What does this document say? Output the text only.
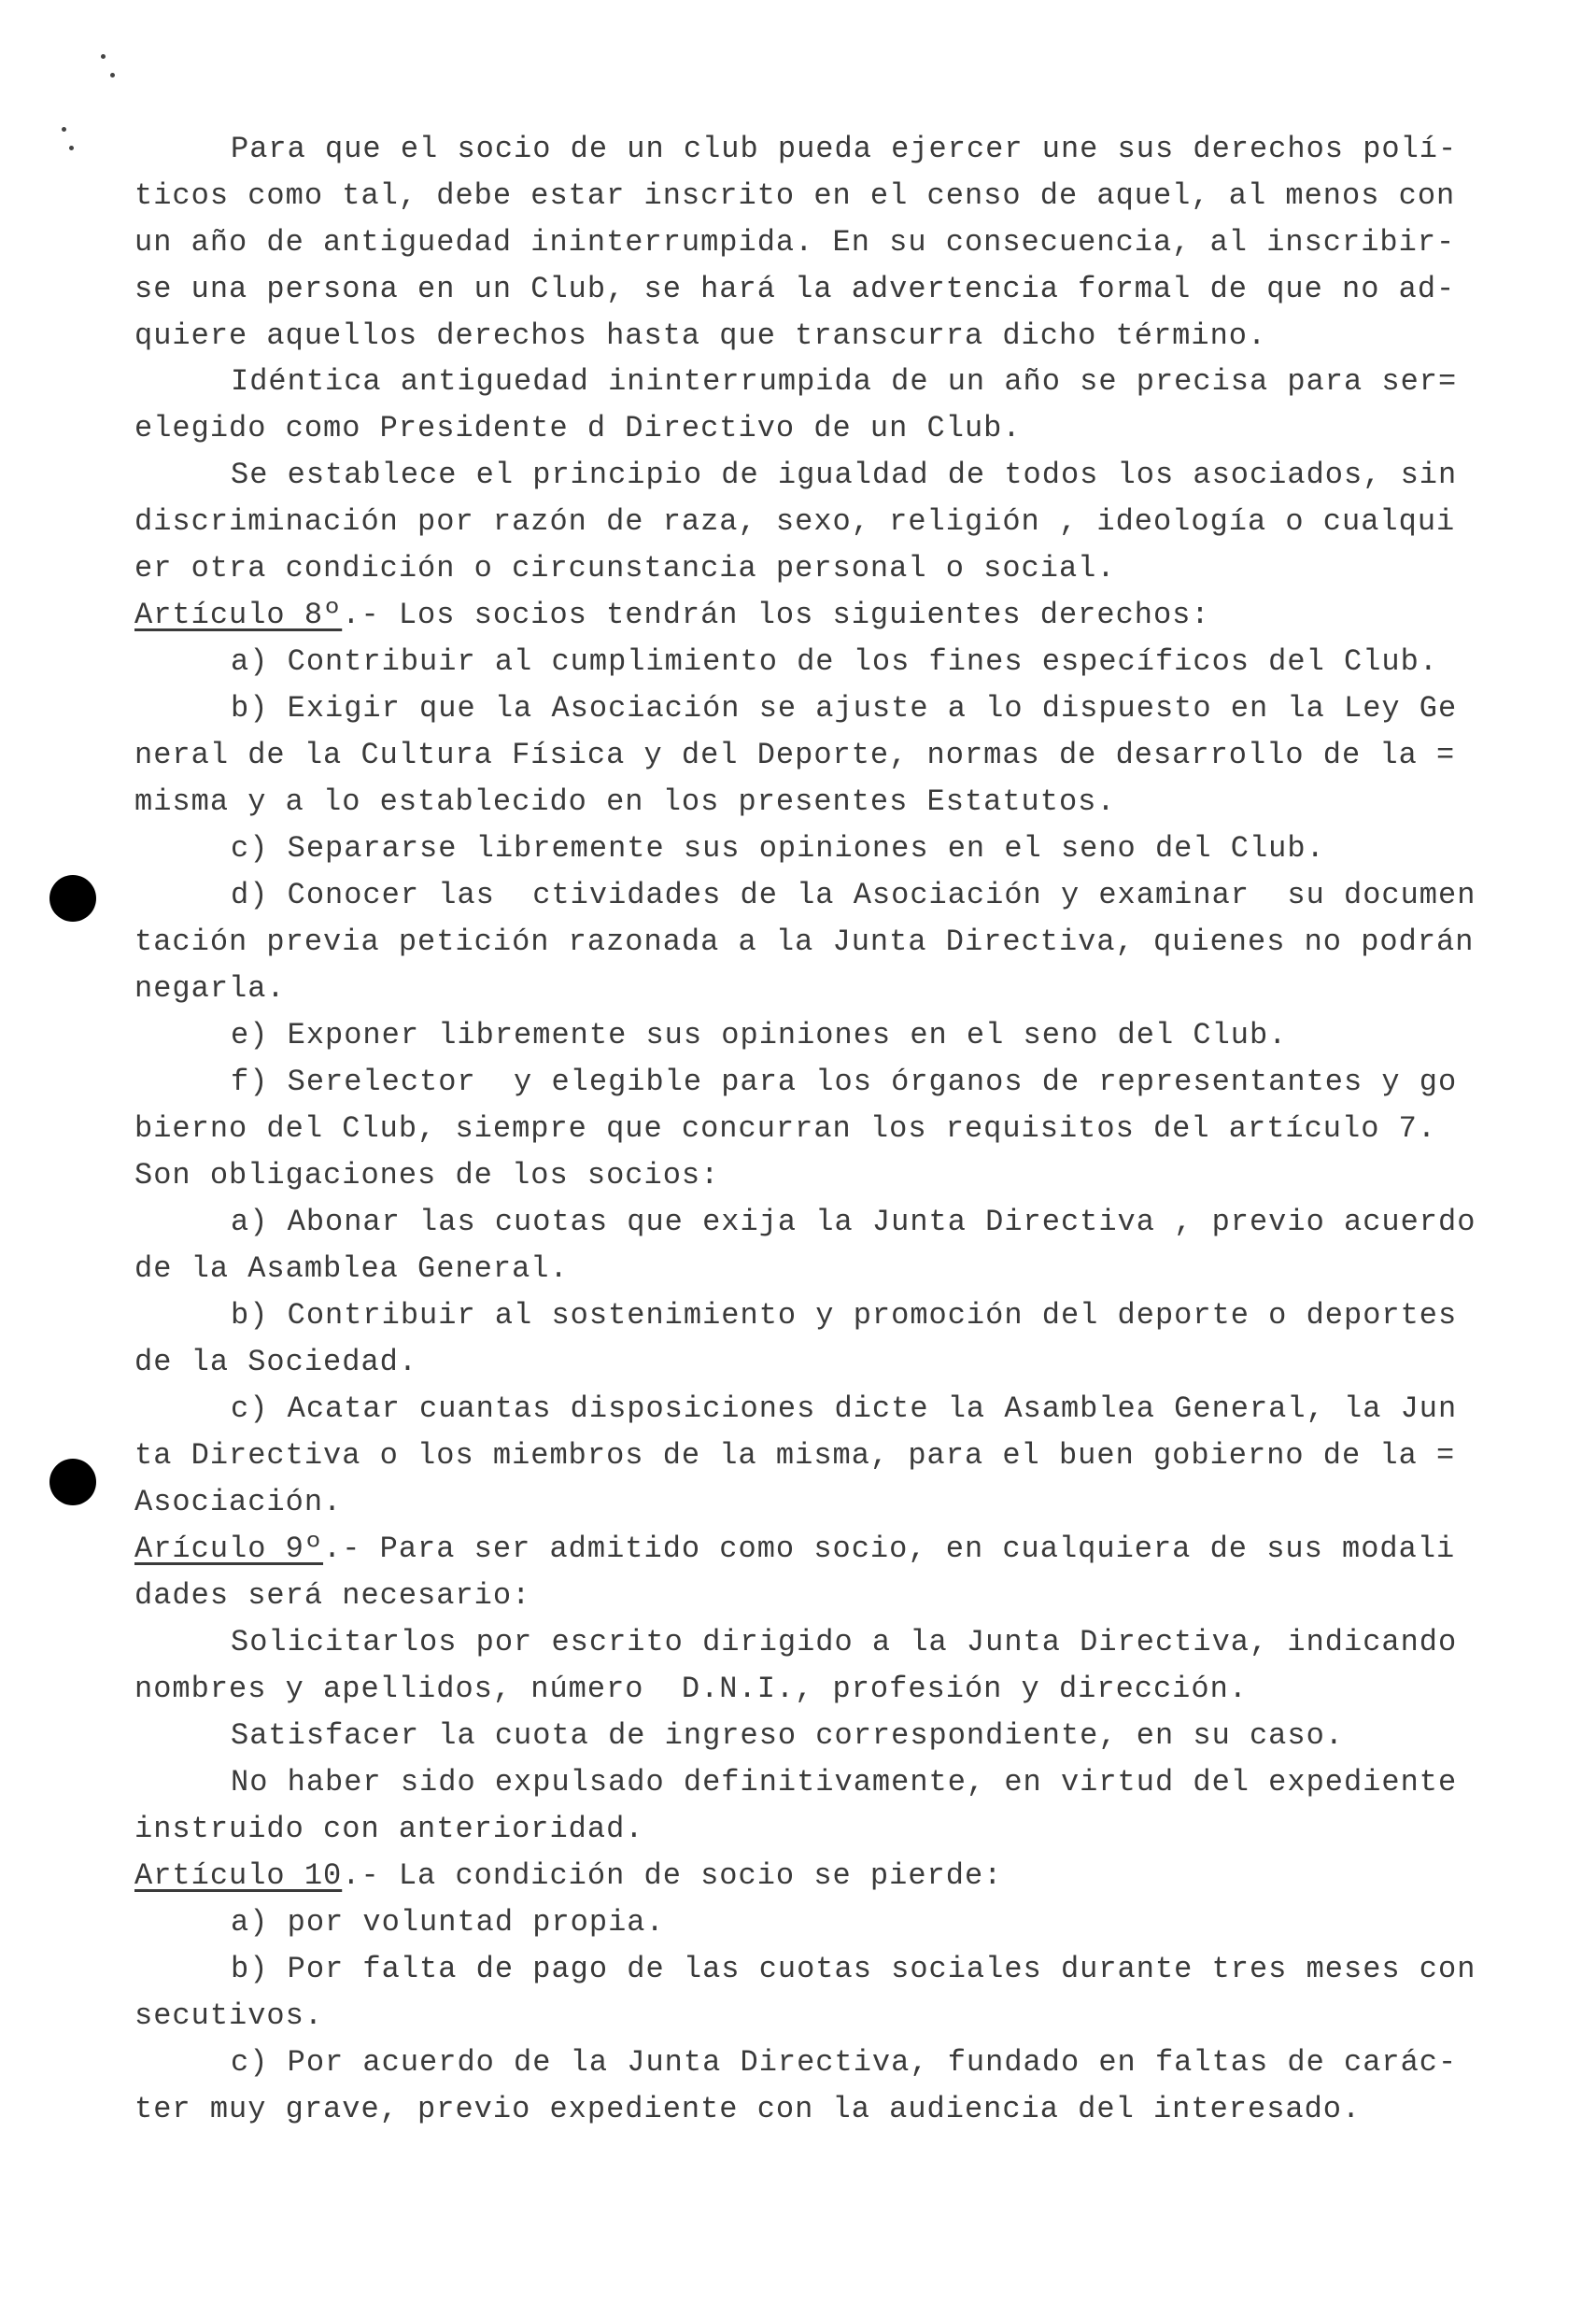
Para que el socio de un club pueda ejercer une sus derechos polí-
ticos como tal, debe estar inscrito en el censo de aquel, al menos con
un año de antiguedad ininterrumpida. En su consecuencia, al inscribir-
se una persona en un Club, se hará la advertencia formal de que no ad-
quiere aquellos derechos hasta que transcurra dicho término.
Idéntica antiguedad ininterrumpida de un año se precisa para ser=
elegido como Presidente d Directivo de un Club.
Se establece el principio de igualdad de todos los asociados, sin
discriminación por razón de raza, sexo, religión , ideología o cualqui
er otra condición o circunstancia personal o social.
Artículo 8º.- Los socios tendrán los siguientes derechos:
a) Contribuir al cumplimiento de los fines específicos del Club.
b) Exigir que la Asociación se ajuste a lo dispuesto en la Ley Ge
neral de la Cultura Física y del Deporte, normas de desarrollo de la =
misma y a lo establecido en los presentes Estatutos.
c) Separarse libremente sus opiniones en el seno del Club.
d) Conocer las  ctividades de la Asociación y examinar  su documen
tación previa petición razonada a la Junta Directiva, quienes no podrán
negarla.
e) Exponer libremente sus opiniones en el seno del Club.
f) Serelector  y elegible para los órganos de representantes y go
bierno del Club, siempre que concurran los requisitos del artículo 7.
Son obligaciones de los socios:
a) Abonar las cuotas que exija la Junta Directiva , previo acuerdo
de la Asamblea General.
b) Contribuir al sostenimiento y promoción del deporte o deportes
de la Sociedad.
c) Acatar cuantas disposiciones dicte la Asamblea General, la Jun
ta Directiva o los miembros de la misma, para el buen gobierno de la =
Asociación.
Arículo 9º.- Para ser admitido como socio, en cualquiera de sus modali
dades será necesario:
Solicitarlos por escrito dirigido a la Junta Directiva, indicando
nombres y apellidos, número  D.N.I., profesión y dirección.
Satisfacer la cuota de ingreso correspondiente, en su caso.
No haber sido expulsado definitivamente, en virtud del expediente
instruido con anterioridad.
Artículo 10.- La condición de socio se pierde:
a) por voluntad propia.
b) Por falta de pago de las cuotas sociales durante tres meses con
secutivos.
c) Por acuerdo de la Junta Directiva, fundado en faltas de carác-
ter muy grave, previo expediente con la audiencia del interesado.
